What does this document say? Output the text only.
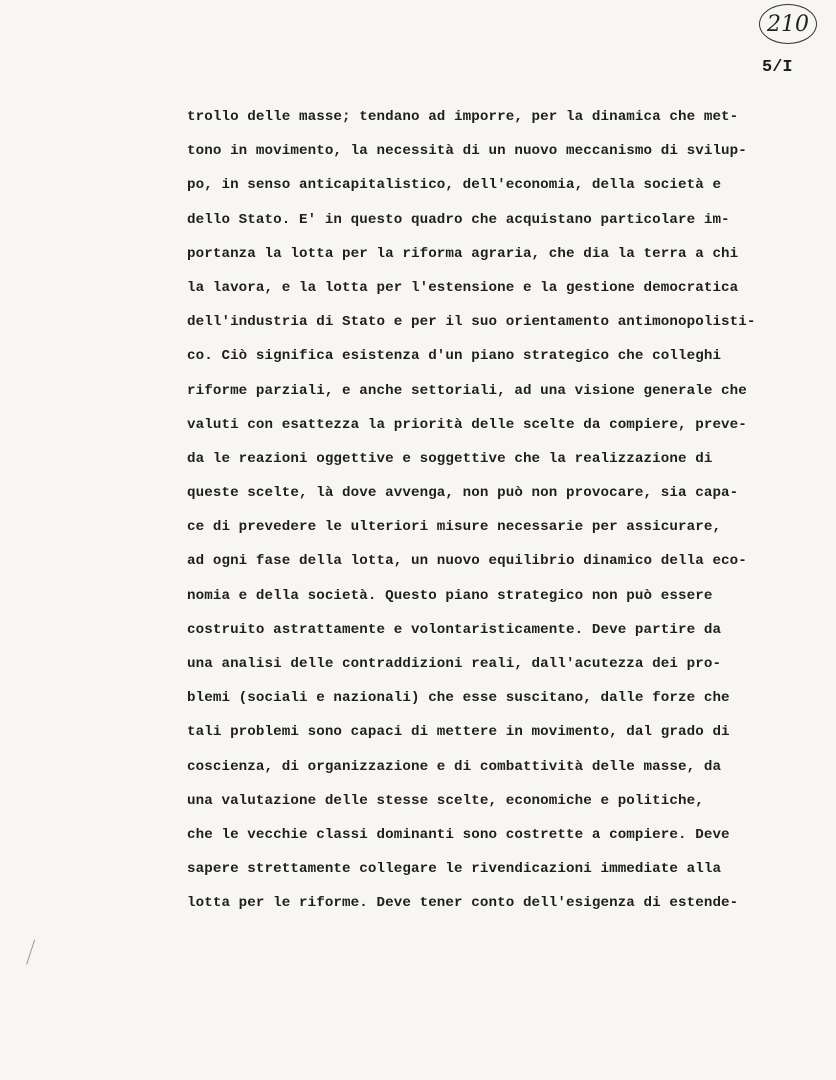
210
5/I
trollo delle masse; tendano ad imporre, per la dinamica che met-
tono in movimento, la necessità di un nuovo meccanismo di svilup-
po, in senso anticapitalistico, dell'economia, della società e
dello Stato. E' in questo quadro che acquistano particolare im-
portanza la lotta per la riforma agraria, che dia la terra a chi
la lavora, e la lotta per l'estensione e la gestione democratica
dell'industria di Stato e per il suo orientamento antimonopolisti-
co. Ciò significa esistenza d'un piano strategico che colleghi
riforme parziali, e anche settoriali, ad una visione generale che
valuti con esattezza la priorità delle scelte da compiere, preve-
da le reazioni oggettive e soggettive che la realizzazione di
queste scelte, là dove avvenga, non può non provocare, sia capa-
ce di prevedere le ulteriori misure necessarie per assicurare,
ad ogni fase della lotta, un nuovo equilibrio dinamico della eco-
nomia e della società. Questo piano strategico non può essere
costruito astrattamente e volontaristicamente. Deve partire da
una analisi delle contraddizioni reali, dall'acutezza dei pro-
blemi (sociali e nazionali) che esse suscitano, dalle forze che
tali problemi sono capaci di mettere in movimento, dal grado di
coscienza, di organizzazione e di combattività delle masse, da
una valutazione delle stesse scelte, economiche e politiche,
che le vecchie classi dominanti sono costrette a compiere. Deve
sapere strettamente collegare le rivendicazioni immediate alla
lotta per le riforme. Deve tener conto dell'esigenza di estende-
